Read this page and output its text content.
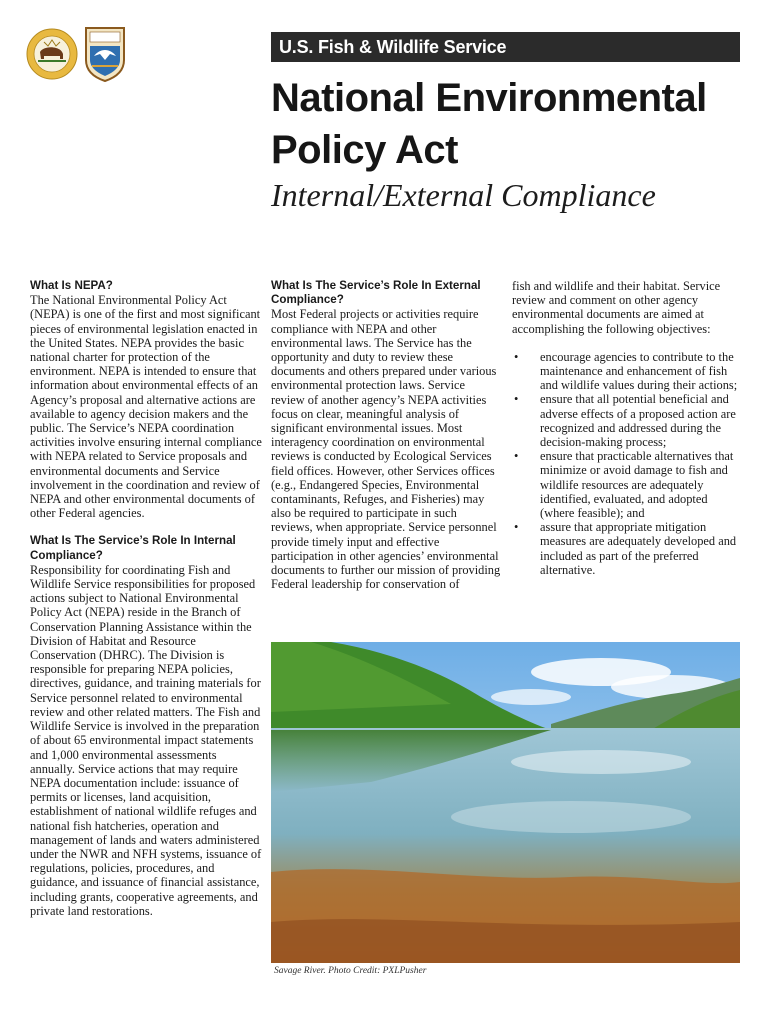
U.S. Fish & Wildlife Service
National Environmental
Policy Act
Internal/External Compliance
What Is NEPA?

The National Environmental Policy Act (NEPA) is one of the first and most significant pieces of environmental legislation enacted in the United States. NEPA provides the basic national charter for protection of the environment. NEPA is intended to ensure that information about environmental effects of an Agency’s proposal and alternative actions are available to agency decision makers and the public. The Service’s NEPA coordination activities involve ensuring internal compliance with NEPA related to Service proposals and environmental documents and Service involvement in the coordination and review of NEPA and other environmental documents of other Federal agencies.

What Is The Service’s Role In Internal Compliance?

Responsibility for coordinating Fish and Wildlife Service responsibilities for proposed actions subject to National Environmental Policy Act (NEPA) reside in the Branch of Conservation Planning Assistance within the Division of Habitat and Resource Conservation (DHRC). The Division is responsible for preparing NEPA policies, directives, guidance, and training materials for Service personnel related to environmental review and other related matters. The Fish and Wildlife Service is involved in the preparation of about 65 environmental impact statements and 1,000 environmental assessments annually. Service actions that may require NEPA documentation include: issuance of permits or licenses, land acquisition, establishment of national wildlife refuges and national fish hatcheries, operation and management of lands and waters administered under the NWR and NFH systems, issuance of regulations, policies, procedures, and guidance, and issuance of financial assistance, including grants, cooperative agreements, and private land restorations.

What Is The Service’s Role In External Compliance?

Most Federal projects or activities require compliance with NEPA and other environmental laws. The Service has the opportunity and duty to review these documents and others prepared under various environmental protection laws. Service review of another agency’s NEPA activities focus on clear, meaningful analysis of significant environmental issues. Most interagency coordination on environmental reviews is conducted by Ecological Services field offices. However, other Services offices (e.g., Endangered Species, Environmental contaminants, Refuges, and Fisheries) may also be required to participate in such reviews, when appropriate. Service personnel provide timely input and effective participation in other agencies’ environmental documents to further our mission of providing Federal leadership for conservation of

fish and wildlife and their habitat. Service review and comment on other agency environmental documents are aimed at accomplishing the following objectives:

• encourage agencies to contribute to the maintenance and enhancement of fish and wildlife values during their actions;
• ensure that all potential beneficial and adverse effects of a proposed action are recognized and addressed during the decision-making process;
• ensure that practicable alternatives that minimize or avoid damage to fish and wildlife resources are adequately identified, evaluated, and adopted (where feasible); and
• assure that appropriate mitigation measures are adequately developed and included as part of the preferred alternative.
Savage River. Photo Credit: PXLPusher
